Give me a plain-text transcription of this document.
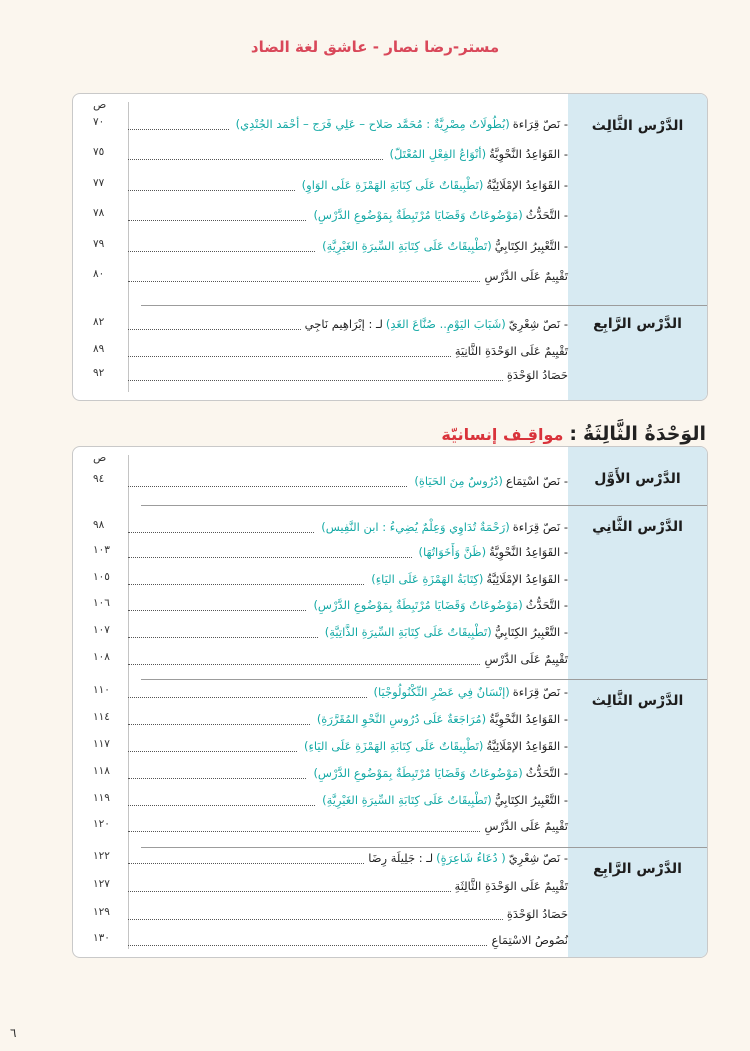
مستر-رضا نصار - عاشق لغة الضاد
ص
الدَّرْس الثَّالِث
٧٠	- نَصّ قِرَاءة
(بُطُولَاتٌ مِصْرِيَّةٌ : مُحَمَّد صَلاح – عَلِي فَرَج – أحْمَد الجُنْدِي)
٧٥	- القَوَاعِدُ النَّحْوِيَّةُ
(أنْوَاعُ الفِعْلِ المُعْتَلّ)
٧٧	- القَوَاعِدُ الإمْلَائِيَّةُ
(تَطْبِيقَاتٌ عَلَى كِتَابَةِ الهَمْزَةِ عَلَى الوَاوِ)
٧٨	- التَّحَدُّثُ
(مَوْضُوعَاتٌ وَقَضَايَا مُرْتَبِطَةٌ بِمَوْضُوعِ الدَّرْسِ)
٧٩	- التَّعْبِيرُ الكِتَابِيُّ
(تَطْبِيقَاتٌ عَلَى كِتَابَةِ السِّيرَةِ الغَيْرِيَّةِ)
٨٠	تَقْيِيمٌ عَلَى الدَّرْسِ
الدَّرْس الرَّابِع
٨٢	- نَصّ شِعْرِيّ
(شَبَابَ اليَوْمِ.. صُنَّاعَ الغَدِ)
لـ : إبْرَاهِيم نَاجِي
٨٩	تَقْيِيمٌ عَلَى الوَحْدَةِ الثَّانِيَةِ
٩٢	حَصَادُ الوَحْدَةِ
الوَحْدَةُ الثَّالِثَةُ:مواقِـف إنسانيّة
ص
الدَّرْس الأَوَّل
٩٤	- نَصّ اسْتِمَاع
(دُرُوسٌ مِنَ الحَيَاةِ)
الدَّرْس الثَّانِي
٩٨	- نَصّ قِرَاءة
(رَحْمَةٌ تُدَاوِي وَعِلْمٌ يُضِيءُ : ابن النَّفِيس)
١٠٣	- القَوَاعِدُ النَّحْوِيَّةُ
(ظَنَّ وَأَخَوَاتُهَا)
١٠٥	- القَوَاعِدُ الإمْلَائِيَّةُ
(كِتَابَةُ الهَمْزَةِ عَلَى اليَاءِ)
١٠٦	- التَّحَدُّثُ
(مَوْضُوعَاتٌ وَقَضَايَا مُرْتَبِطَةٌ بِمَوْضُوعِ الدَّرْسِ)
١٠٧	- التَّعْبِيرُ الكِتَابِيُّ
(تَطْبِيقَاتٌ عَلَى كِتَابَةِ السِّيرَةِ الذَّاتِيَّةِ)
١٠٨	تَقْيِيمٌ عَلَى الدَّرْسِ
الدَّرْس الثَّالِث
١١٠	- نَصّ قِرَاءة
(إنْسَانٌ فِي عَصْرِ التِّكْنُولُوجْيَا)
١١٤	- القَوَاعِدُ النَّحْوِيَّةُ
(مُرَاجَعَةٌ عَلَى دُرُوسِ النَّحْوِ المُقَرَّرَةِ)
١١٧	- القَوَاعِدُ الإمْلَائِيَّةُ
(تَطْبِيقَاتٌ عَلَى كِتَابَةِ الهَمْزَةِ عَلَى اليَاءِ)
١١٨	- التَّحَدُّثُ
(مَوْضُوعَاتٌ وَقَضَايَا مُرْتَبِطَةٌ بِمَوْضُوعِ الدَّرْسِ)
١١٩	- التَّعْبِيرُ الكِتَابِيُّ
(تَطْبِيقَاتٌ عَلَى كِتَابَةِ السِّيرَةِ الغَيْرِيَّةِ)
١٢٠	تَقْيِيمٌ عَلَى الدَّرْسِ
الدَّرْس الرَّابِع
١٢٢	- نَصّ شِعْرِيّ
( دُعَاءُ شَاعِرَةٍ)
لـ : جَلِيلَة رِضَا
١٢٧	تَقْيِيمٌ عَلَى الوَحْدَةِ الثَّالِثَةِ
١٢٩	حَصَادُ الوَحْدَةِ
١٣٠	نُصُوصُ الاسْتِمَاعِ
٦
